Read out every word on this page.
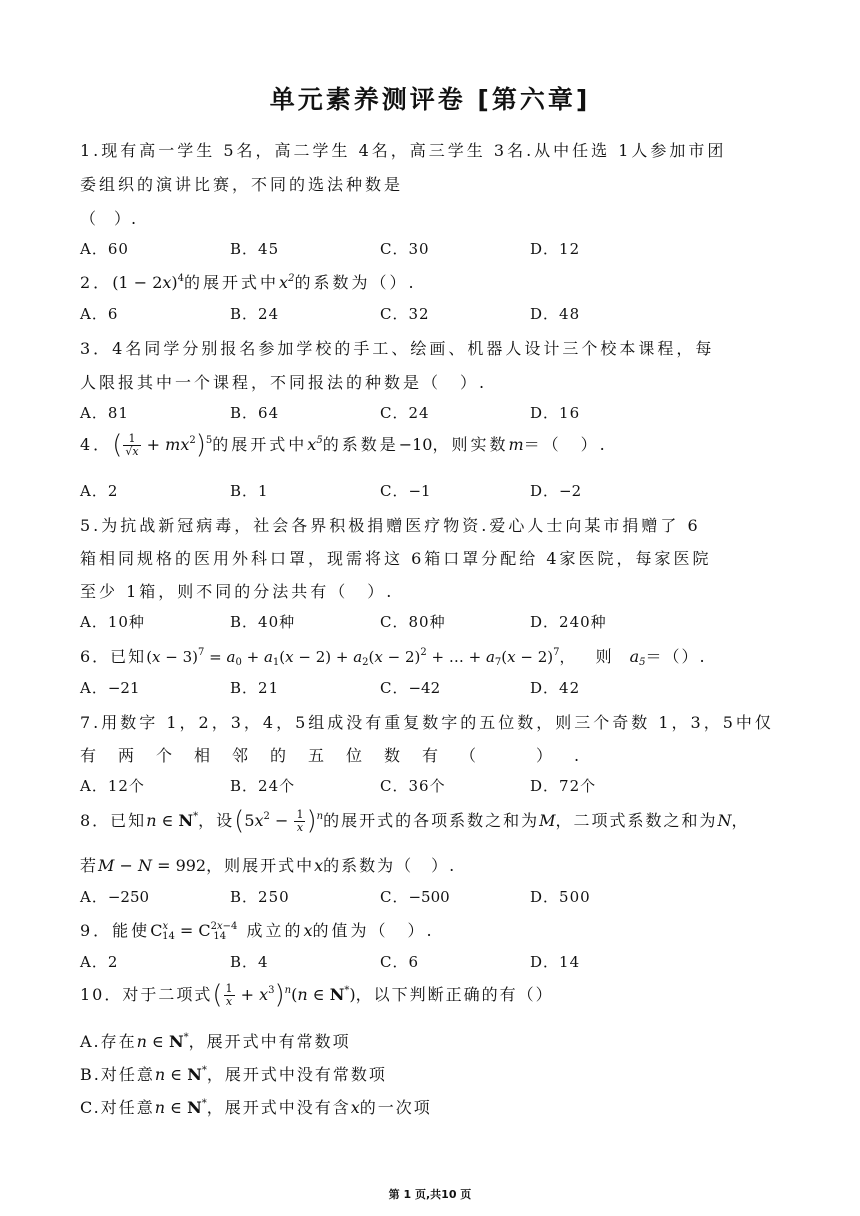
单元素养测评卷 [第六章]
1.现有高一学生 5名，高二学生 4名，高三学生 3名.从中任选 1人参加市团
委组织的演讲比赛，不同的选法种数是
（　）.
A．60	B．45	C．30	D．12
2．$(1 - 2x)^4$的展开式中$x^2$的系数为（）.
A．6	B．24	C．32	D．48
3．4名同学分别报名参加学校的手工、绘画、机器人设计三个校本课程，每
人限报其中一个课程，不同报法的种数是（　）.
A．81	B．64	C．24	D．16
4．( $\frac{1}{√x} + mx^2)^5$的展开式中$x^5$的系数是−10，则实数m＝（　）.
A．2	B．1	C．−1	D．−2
5.为抗战新冠病毒，社会各界积极捐赠医疗物资.爱心人士向某市捐赠了 6
箱相同规格的医用外科口罩，现需将这 6箱口罩分配给 4家医院，每家医院
至少 1箱，则不同的分法共有（　）.
A．10种	B．40种	C．80种	D．240种
6．已知$(x - 3)^7 = a_0 + a_1(x - 2) + a_2(x - 2)^2$ + … + $a_7(x - 2)^7$， 则 $a_5=()$.
A．−21	B．21	C．−42	D．42
7.用数字 1，2，3，4，5组成没有重复数字的五位数，则三个奇数 1，3，5中仅
有两个相邻的五位数有（　）.
A．12个	B．24个	C．36个	D．72个
8．已知n ∈ N*，设$(5x^2 - \frac{1}{x} )^n$的展开式的各项系数之和为M，二项式系数之和为N，
若M − N = 992，则展开式中x的系数为（　）.
A．−250	B．250	C．−500	D．500
9．能使$C^x_{14} = C^{2x-4}_{14}$ 成立的x的值为（　）.
A．2	B．4	C．6	D．14
10．对于二项式( $\frac{1}{x} + x^3)^n(n$ ∈ N*)，以下判断正确的有（）
A.存在n ∈ N*，展开式中有常数项
B.对任意n ∈ N*，展开式中没有常数项
C.对任意n ∈ N*，展开式中没有含x的一次项
第 1 页,共10 页
